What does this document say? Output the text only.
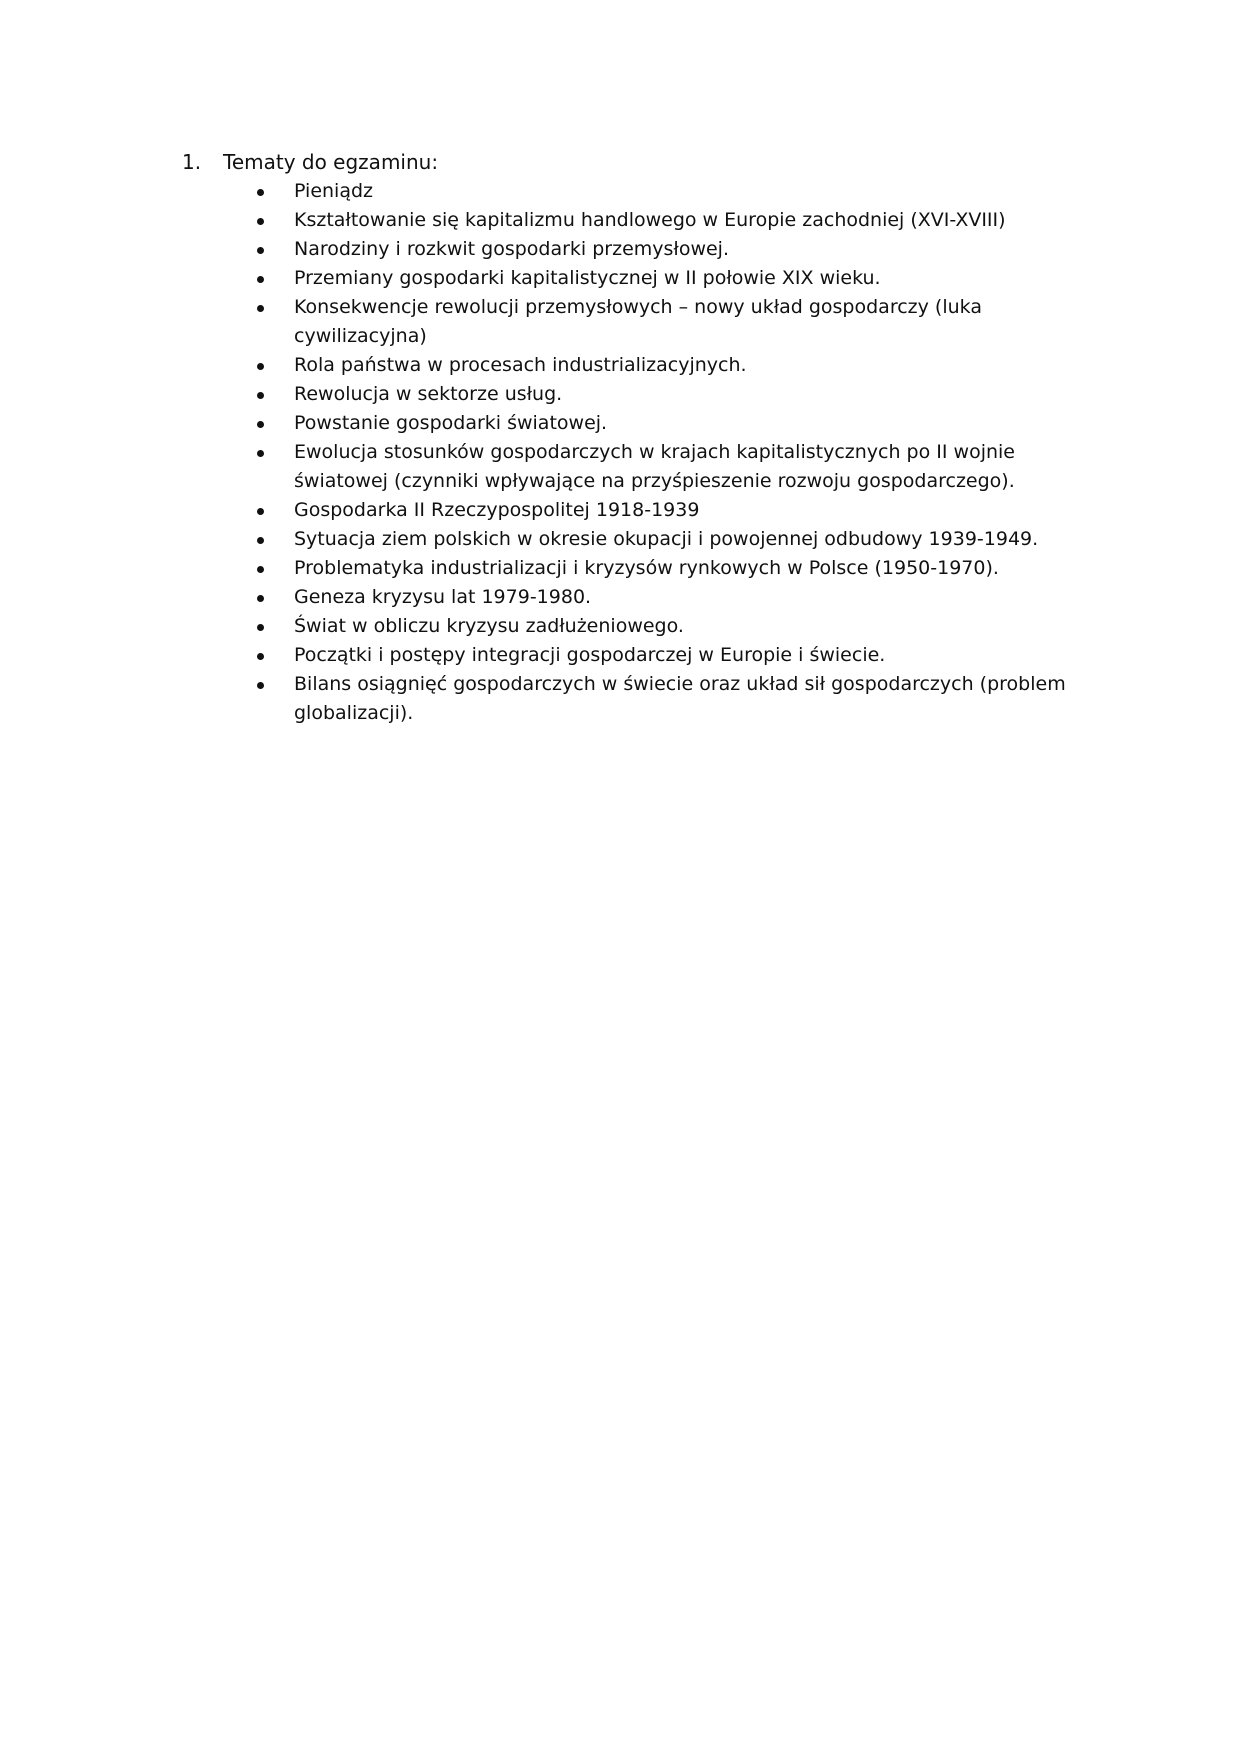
1.	Tematy do egzaminu:
Pieniądz
Kształtowanie się kapitalizmu handlowego w Europie zachodniej (XVI-XVIII)
Narodziny i rozkwit gospodarki przemysłowej.
Przemiany gospodarki kapitalistycznej w II połowie XIX wieku.
Konsekwencje rewolucji przemysłowych – nowy układ gospodarczy (luka cywilizacyjna)
Rola państwa w procesach industrializacyjnych.
Rewolucja w sektorze usług.
Powstanie gospodarki światowej.
Ewolucja stosunków gospodarczych w krajach kapitalistycznych po II wojnie światowej (czynniki wpływające na przyśpieszenie rozwoju gospodarczego).
Gospodarka II Rzeczypospolitej 1918-1939
Sytuacja ziem polskich w okresie okupacji i powojennej odbudowy 1939-1949.
Problematyka industrializacji i kryzysów rynkowych w Polsce (1950-1970).
Geneza kryzysu lat 1979-1980.
Świat w obliczu kryzysu zadłużeniowego.
Początki i postępy integracji gospodarczej w Europie i świecie.
Bilans osiągnięć gospodarczych w świecie oraz układ sił gospodarczych (problem globalizacji).
